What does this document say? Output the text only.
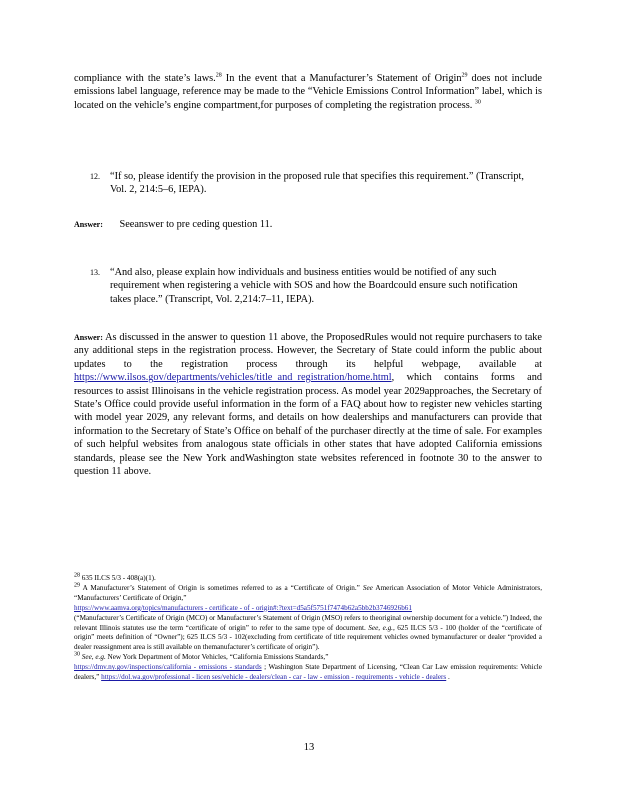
compliance with the state’s laws.$^{28}$ In the event that a Manufacturer’s Statement of Origin$^{29}$ does not include emissions label language, reference may be made to the “Vehicle Emissions Control Information” label, which is located on the vehicle’s engine compartment,for purposes of completing the registration process. $^{30}$

12. “If so, please identify the provision in the proposed rule that specifies this requirement.” (Transcript, Vol. 2, 214:5–6, IEPA).
Answer: Seeanswer to pre ceding question 11.
13. “And also, please explain how individuals and business entities would be notified of any such requirement when registering a vehicle with SOS and how the Boardcould ensure such notification takes place.” (Transcript, Vol. 2,214:7–11, IEPA).

Answer: As discussed in the answer to question 11 above, the ProposedRules would not require purchasers to take any additional steps in the registration process. However, the Secretary of State could inform the public about updates to the registration process through its helpful webpage, available at https://www.ilsos.gov/departments/vehicles/title_and_registration/home.html, which contains forms and resources to assist Illinoisans in the vehicle registration process. As model year 2029approaches, the Secretary of State’s Office could provide useful information in the form of a FAQ about how to register new vehicles starting with model year 2029, any relevant forms, and details on how dealerships and manufacturers can provide that information to the Secretary of State’s Office on behalf of the purchaser directly at the time of sale. For examples of such helpful websites from analogous state officials in other states that have adopted California emissions standards, please see the New York andWashington state websites referenced in footnote 30 to the answer to question 11 above.

$^{28}$ 635 ILCS 5/3 - 408(a)(1).

$^{29}$ A Manufacturer’s Statement of Origin is sometimes referred to as a “Certificate of Origin.” See American Association of Motor Vehicle Administrators, “Manufacturers’ Certificate of Origin,”
https://www.aamva.org/topics/manufacturers - certificate - of - origin#:?text=d5a5f5751f7474b62a5bb2b3746926b61
(“Manufacturer’s Certificate of Origin (MCO) or Manufacturer’s Statement of Origin (MSO) refers to theoriginal ownership document for a vehicle.”) Indeed, the relevant Illinois statutes use the term “certificate of origin” to refer to the same type of document. See, e.g., 625 ILCS 5/3 - 100 (holder of the “certificate of origin” meets definition of “Owner”); 625 ILCS 5/3 - 102(excluding from certificate of title requirement vehicles owned bymanufacturer or dealer “provided a dealer reassignment area is still available on themanufacturer’s certificate of origin”).

$^{30}$ See, e.g. New York Department of Motor Vehicles, “California Emissions Standards,”
https://dmv.ny.gov/inspections/california - emissions - standards ; Washington State Department of Licensing, “Clean Car Law emission requirements: Vehicle dealers,” https://dol.wa.gov/professional - licen ses/vehicle - dealers/clean - car - law - emission - requirements - vehicle - dealers .

13
